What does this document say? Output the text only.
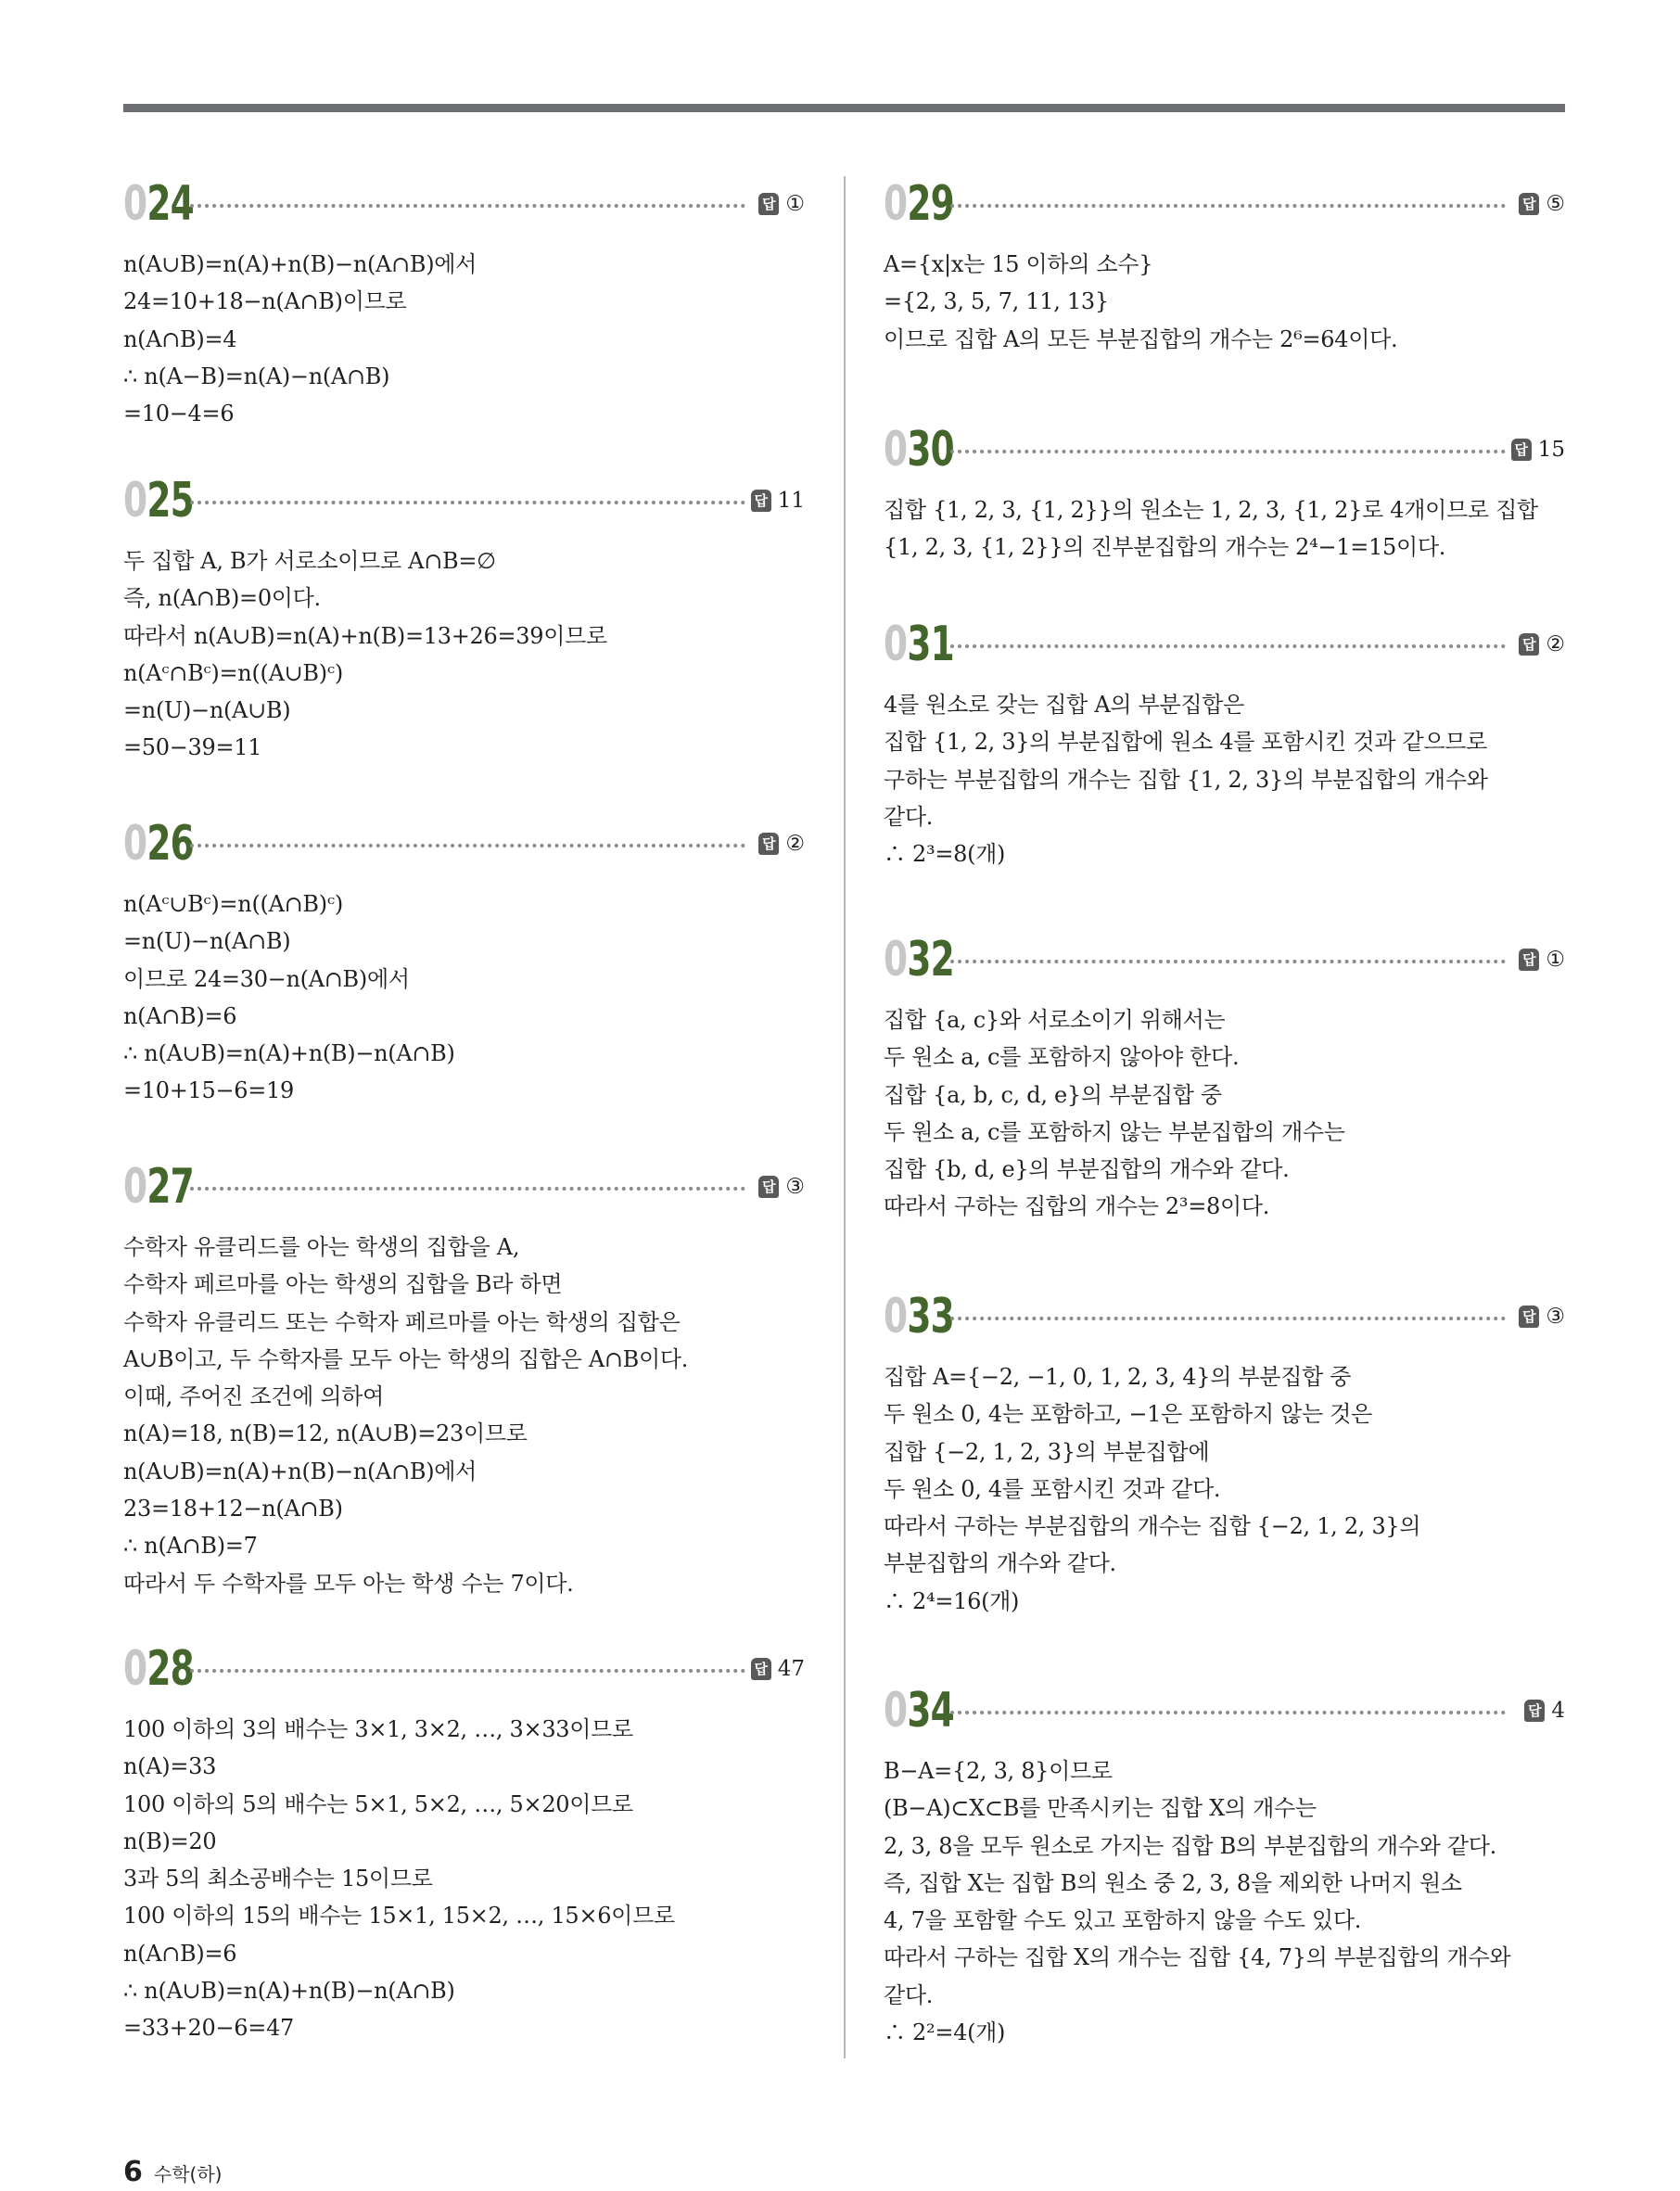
024	답 ①
n(A∪B)=n(A)+n(B)−n(A∩B)에서
24=10+18−n(A∩B)이므로
n(A∩B)=4
∴ n(A−B)=n(A)−n(A∩B)
=10−4=6
025	답 11
두 집합 A, B가 서로소이므로 A∩B=∅
즉, n(A∩B)=0이다.
따라서 n(A∪B)=n(A)+n(B)=13+26=39이므로
n(Aᶜ∩Bᶜ)=n((A∪B)ᶜ)
=n(U)−n(A∪B)
=50−39=11
026	답 ②
n(Aᶜ∪Bᶜ)=n((A∩B)ᶜ)
=n(U)−n(A∩B)
이므로 24=30−n(A∩B)에서
n(A∩B)=6
∴ n(A∪B)=n(A)+n(B)−n(A∩B)
=10+15−6=19
027	답 ③
수학자 유클리드를 아는 학생의 집합을 A,
수학자 페르마를 아는 학생의 집합을 B라 하면
수학자 유클리드 또는 수학자 페르마를 아는 학생의 집합은
A∪B이고, 두 수학자를 모두 아는 학생의 집합은 A∩B이다.
이때, 주어진 조건에 의하여
n(A)=18, n(B)=12, n(A∪B)=23이므로
n(A∪B)=n(A)+n(B)−n(A∩B)에서
23=18+12−n(A∩B)
∴ n(A∩B)=7
따라서 두 수학자를 모두 아는 학생 수는 7이다.
028	답 47
100 이하의 3의 배수는 3×1, 3×2, …, 3×33이므로
n(A)=33
100 이하의 5의 배수는 5×1, 5×2, …, 5×20이므로
n(B)=20
3과 5의 최소공배수는 15이므로
100 이하의 15의 배수는 15×1, 15×2, …, 15×6이므로
n(A∩B)=6
∴ n(A∪B)=n(A)+n(B)−n(A∩B)
=33+20−6=47
029	답 ⑤
A={x|x는 15 이하의 소수}
={2, 3, 5, 7, 11, 13}
이므로 집합 A의 모든 부분집합의 개수는 2⁶=64이다.
030	답 15
집합 {1, 2, 3, {1, 2}}의 원소는 1, 2, 3, {1, 2}로 4개이므로 집합
{1, 2, 3, {1, 2}}의 진부분집합의 개수는 2⁴−1=15이다.
031	답 ②
4를 원소로 갖는 집합 A의 부분집합은
집합 {1, 2, 3}의 부분집합에 원소 4를 포함시킨 것과 같으므로
구하는 부분집합의 개수는 집합 {1, 2, 3}의 부분집합의 개수와
같다.
∴ 2³=8(개)
032	답 ①
집합 {a, c}와 서로소이기 위해서는
두 원소 a, c를 포함하지 않아야 한다.
집합 {a, b, c, d, e}의 부분집합 중
두 원소 a, c를 포함하지 않는 부분집합의 개수는
집합 {b, d, e}의 부분집합의 개수와 같다.
따라서 구하는 집합의 개수는 2³=8이다.
033	답 ③
집합 A={−2, −1, 0, 1, 2, 3, 4}의 부분집합 중
두 원소 0, 4는 포함하고, −1은 포함하지 않는 것은
집합 {−2, 1, 2, 3}의 부분집합에
두 원소 0, 4를 포함시킨 것과 같다.
따라서 구하는 부분집합의 개수는 집합 {−2, 1, 2, 3}의
부분집합의 개수와 같다.
∴ 2⁴=16(개)
034	답 4
B−A={2, 3, 8}이므로
(B−A)⊂X⊂B를 만족시키는 집합 X의 개수는
2, 3, 8을 모두 원소로 가지는 집합 B의 부분집합의 개수와 같다.
즉, 집합 X는 집합 B의 원소 중 2, 3, 8을 제외한 나머지 원소
4, 7을 포함할 수도 있고 포함하지 않을 수도 있다.
따라서 구하는 집합 X의 개수는 집합 {4, 7}의 부분집합의 개수와
같다.
∴ 2²=4(개)
6 수학(하)
